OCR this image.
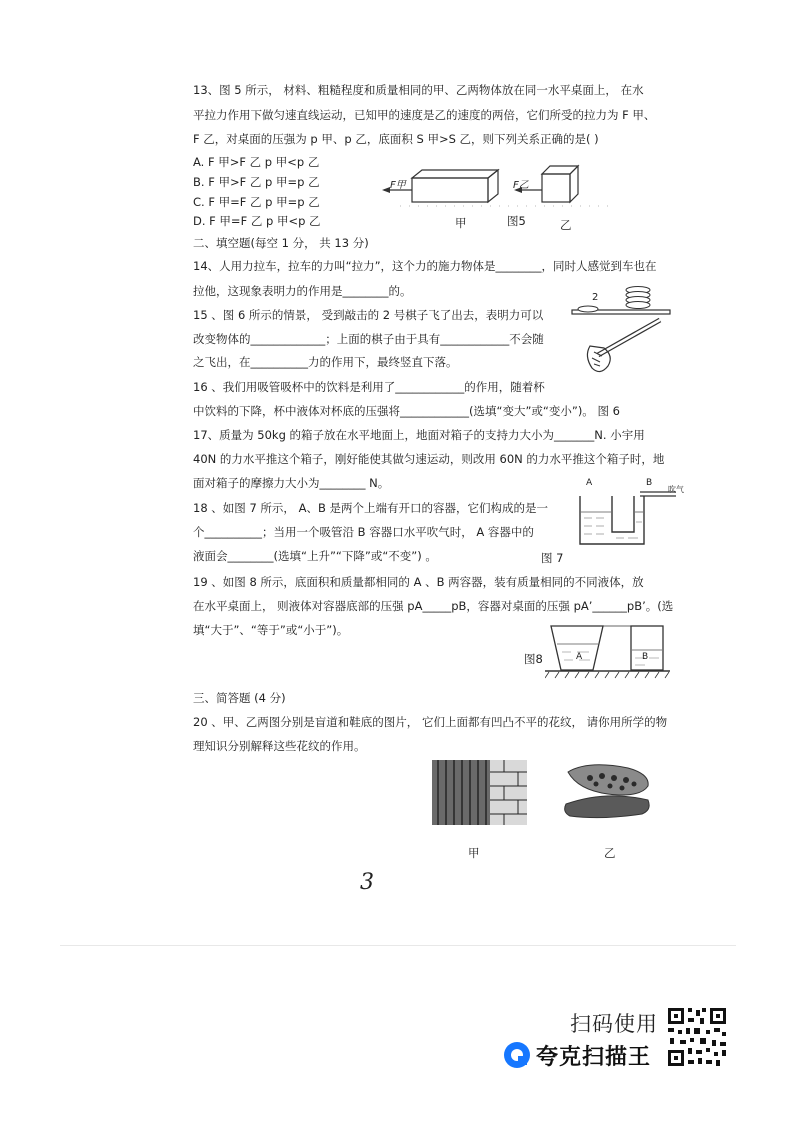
13、图 5 所示， 材料、粗糙程度和质量相同的甲、乙两物体放在同一水平桌面上， 在水
平拉力作用下做匀速直线运动，已知甲的速度是乙的速度的两倍，它们所受的拉力为 F 甲、
F 乙，对桌面的压强为 p 甲、p 乙，底面积 S 甲>S 乙，则下列关系正确的是( )
A. F 甲>F 乙 p 甲<p 乙
B. F 甲>F 乙 p 甲=p 乙
C. F 甲=F 乙 p 甲=p 乙
D. F 甲=F 乙 p 甲<p 乙
F甲	F乙
甲	图5	乙
二、填空题(每空 1 分， 共 13 分)
14、人用力拉车，拉车的力叫“拉力”，这个力的施力物体是________，同时人感觉到车也在
拉他，这现象表明力的作用是________的。
15 、图 6 所示的情景， 受到敲击的 2 号棋子飞了出去，表明力可以
改变物体的_____________；上面的棋子由于具有____________不会随
之飞出，在__________力的作用下，最终竖直下落。
2
16 、我们用吸管吸杯中的饮料是利用了____________的作用，随着杯
中饮料的下降，杯中液体对杯底的压强将____________(选填“变大”或“变小”)。 图 6
17、质量为 50kg 的箱子放在水平地面上，地面对箱子的支持力大小为_______N. 小宇用
40N 的力水平推这个箱子，刚好能使其做匀速运动，则改用 60N 的力水平推这个箱子时，地
面对箱子的摩擦力大小为________ N。
18 、如图 7 所示， A、B 是两个上端有开口的容器，它们构成的是一
个__________；当用一个吸管沿 B 容器口水平吹气时， A 容器中的
液面会________(选填“上升”“下降”或“不变”) 。
A	B
吹气
图 7
19 、如图 8 所示，底面积和质量都相同的 A 、B 两容器，装有质量相同的不同液体，放
在水平桌面上， 则液体对容器底部的压强 pA_____pB，容器对桌面的压强 pA’______pB’。(选
填“大于”、“等于”或“小于”)。
图8	A	B
三、简答题 (4 分)
20 、甲、乙两图分别是盲道和鞋底的图片， 它们上面都有凹凸不平的花纹， 请你用所学的物
理知识分别解释这些花纹的作用。
甲	乙
3
扫码使用
夸克扫描王
